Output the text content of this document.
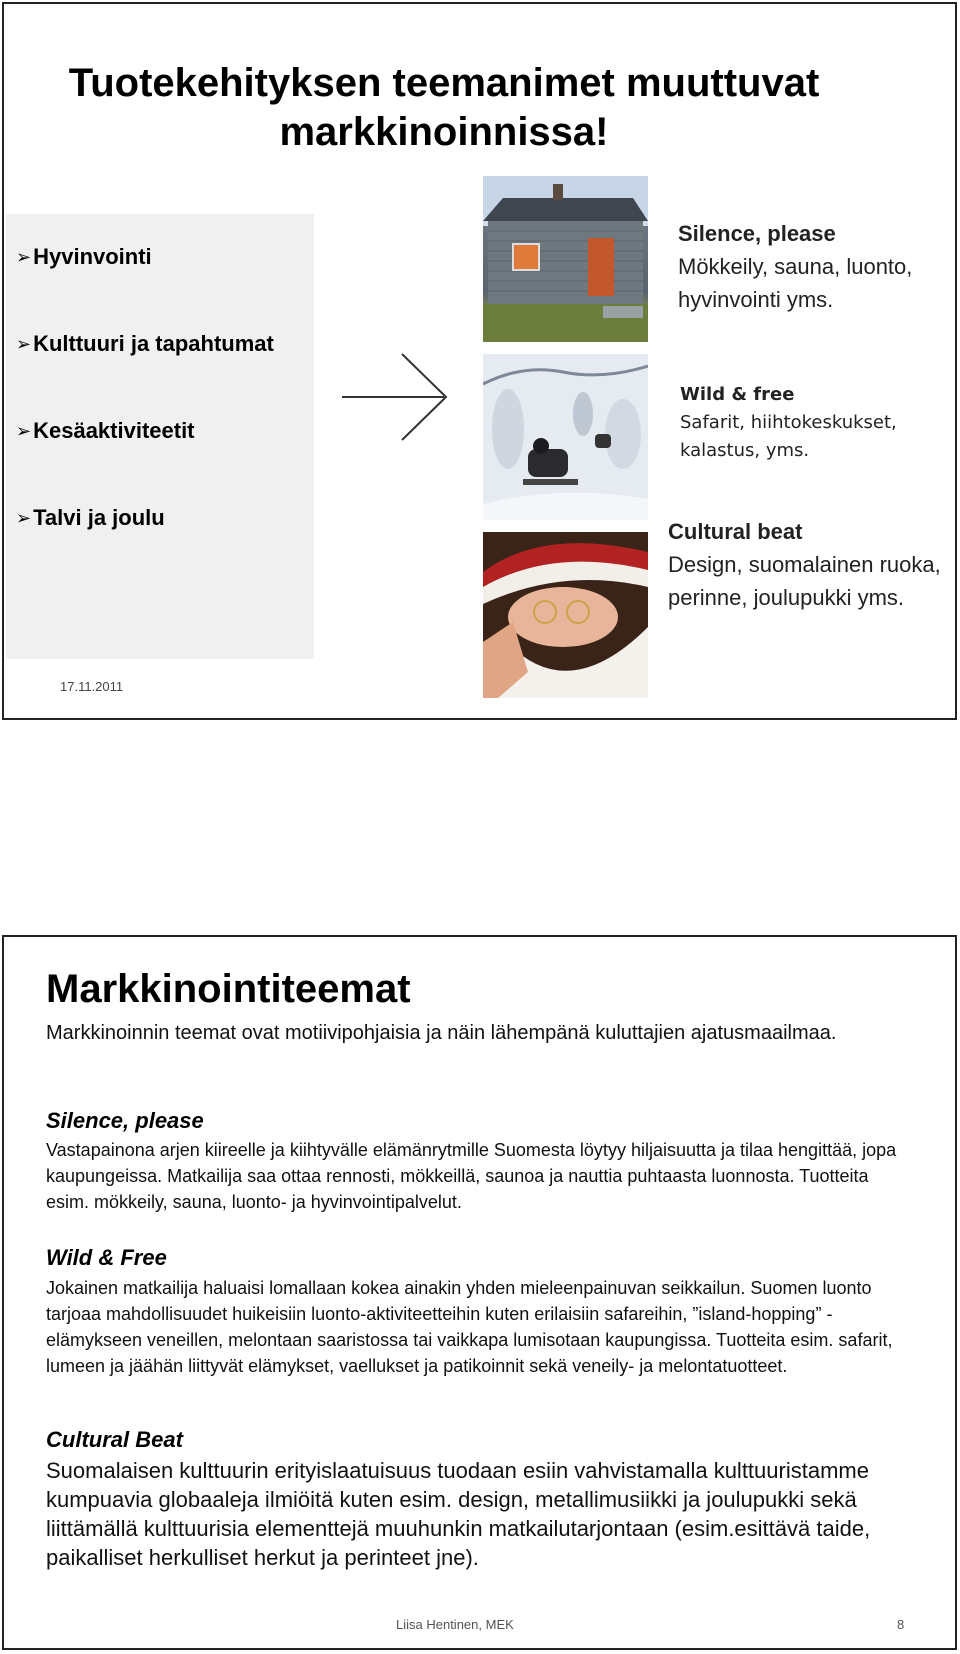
Tuotekehityksen teemanimet muuttuvat markkinoinnissa!
➢ Hyvinvointi
➢ Kulttuuri ja tapahtumat
➢ Kesäaktiviteetit
➢ Talvi ja joulu
Silence, please
Mökkeily, sauna, luonto, hyvinvointi yms.
Wild & free
Safarit, hiihtokeskukset, kalastus, yms.
Cultural beat
Design, suomalainen ruoka, perinne, joulupukki yms.
17.11.2011
Markkinointiteemat
Markkinoinnin teemat ovat motiivipohjaisia ja näin lähempänä kuluttajien ajatusmaailmaa.
Silence, please
Vastapainona arjen kiireelle ja kiihtyvälle elämänrytmille Suomesta löytyy hiljaisuutta ja tilaa hengittää, jopa kaupungeissa. Matkailija saa ottaa rennosti, mökkeillä, saunoa ja nauttia puhtaasta luonnosta. Tuotteita esim. mökkeily, sauna, luonto- ja hyvinvointipalvelut.
Wild & Free
Jokainen matkailija haluaisi lomallaan kokea ainakin yhden mieleenpainuvan seikkailun. Suomen luonto tarjoaa mahdollisuudet huikeisiin luonto-aktiviteetteihin kuten erilaisiin safareihin, ”island-hopping” -elämykseen veneillen, melontaan saaristossa tai vaikkapa lumisotaan kaupungissa. Tuotteita esim. safarit, lumeen ja jäähän liittyvät elämykset, vaellukset ja patikoinnit sekä veneily- ja melontatuotteet.
Cultural Beat
Suomalaisen kulttuurin erityislaatuisuus tuodaan esiin vahvistamalla kulttuuristamme kumpuavia globaaleja ilmiöitä kuten esim. design, metallimusiikki ja joulupukki sekä liittämällä kulttuurisia elementtejä muuhunkin matkailutarjontaan (esim.esittävä taide, paikalliset herkulliset herkut ja perinteet jne).
Liisa Hentinen, MEK	8
